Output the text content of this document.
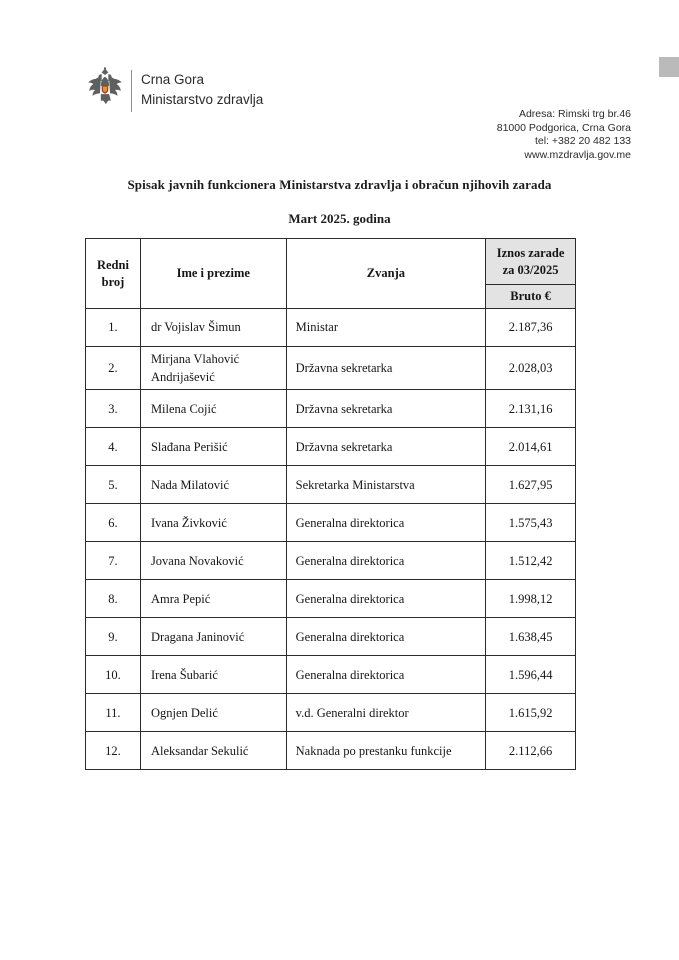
Crna Gora
Ministarstvo zdravlja
Adresa: Rimski trg br.46
81000 Podgorica, Crna Gora
tel: +382 20 482 133
www.mzdravlja.gov.me
Spisak javnih funkcionera Ministarstva zdravlja i obračun njihovih zarada
Mart 2025. godina
Redni broj	Ime i prezime	Zvanja	Iznos zarade za 03/2025
			Bruto €
1.	dr Vojislav Šimun	Ministar	2.187,36
2.	Mirjana Vlahović Andrijašević	Državna sekretarka	2.028,03
3.	Milena Cojić	Državna sekretarka	2.131,16
4.	Slađana Perišić	Državna sekretarka	2.014,61
5.	Nada Milatović	Sekretarka Ministarstva	1.627,95
6.	Ivana Živković	Generalna direktorica	1.575,43
7.	Jovana Novaković	Generalna direktorica	1.512,42
8.	Amra Pepić	Generalna direktorica	1.998,12
9.	Dragana Janinović	Generalna direktorica	1.638,45
10.	Irena Šubarić	Generalna direktorica	1.596,44
11.	Ognjen Delić	v.d. Generalni direktor	1.615,92
12.	Aleksandar Sekulić	Naknada po prestanku funkcije	2.112,66
